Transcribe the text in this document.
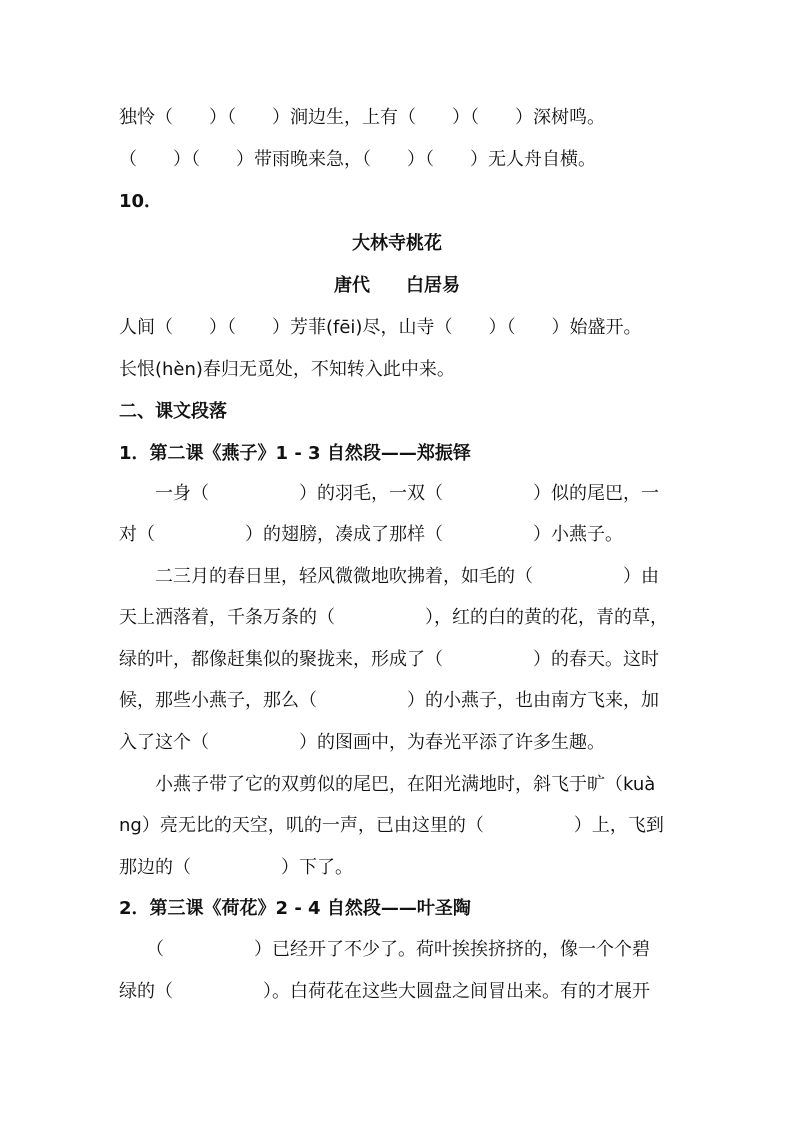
独怜（　　）（　　）涧边生，上有（　　）（　　）深树鸣。
（　　）（　　）带雨晚来急，（　　）（　　）无人舟自横。
10．
大林寺桃花
唐代　　白居易
人间（　　）（　　）芳菲(fēi)尽，山寺（　　）（　　）始盛开。
长恨(hèn)春归无觅处，不知转入此中来。
二、课文段落
1．第二课《燕子》1 - 3 自然段——郑振铎
　　一身（　　　　　）的羽毛，一双（　　　　　）似的尾巴，一
对（　　　　　）的翅膀，凑成了那样（　　　　　）小燕子。
　　二三月的春日里，轻风微微地吹拂着，如毛的（　　　　　）由
天上洒落着，千条万条的（　　　　　），红的白的黄的花，青的草，
绿的叶，都像赶集似的聚拢来，形成了（　　　　　）的春天。这时
候，那些小燕子，那么（　　　　　）的小燕子，也由南方飞来，加
入了这个（　　　　　）的图画中，为春光平添了许多生趣。
　　小燕子带了它的双剪似的尾巴，在阳光满地时，斜飞于旷（kuà
ng）亮无比的天空，叽的一声，已由这里的（　　　　　）上，飞到
那边的（　　　　　）下了。
2．第三课《荷花》2 - 4 自然段——叶圣陶
　　（　　　　　）已经开了不少了。荷叶挨挨挤挤的，像一个个碧
绿的（　　　　　）。白荷花在这些大圆盘之间冒出来。有的才展开
